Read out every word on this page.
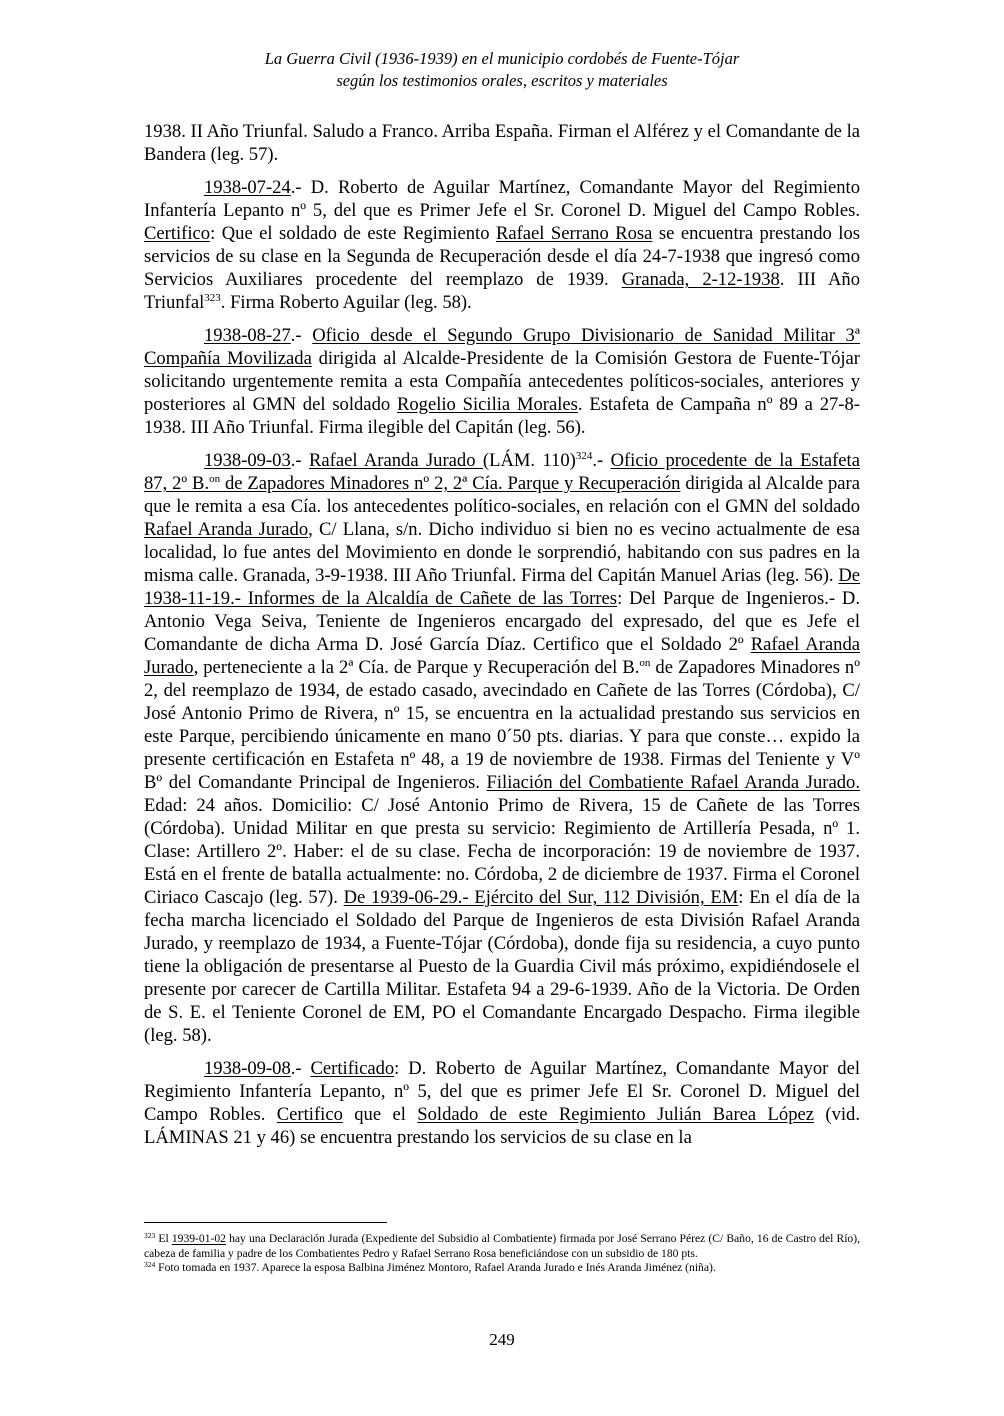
La Guerra Civil (1936-1939) en el municipio cordobés de Fuente-Tójar
según los testimonios orales, escritos y materiales

1938. II Año Triunfal. Saludo a Franco. Arriba España. Firman el Alférez y el Comandante de la Bandera (leg. 57).

1938-07-24.- D. Roberto de Aguilar Martínez, Comandante Mayor del Regimiento Infantería Lepanto nº 5, del que es Primer Jefe el Sr. Coronel D. Miguel del Campo Robles. Certifico: Que el soldado de este Regimiento Rafael Serrano Rosa se encuentra prestando los servicios de su clase en la Segunda de Recuperación desde el día 24-7-1938 que ingresó como Servicios Auxiliares procedente del reemplazo de 1939. Granada, 2-12-1938. III Año Triunfal$^{323}$. Firma Roberto Aguilar (leg. 58).

1938-08-27.- Oficio desde el Segundo Grupo Divisionario de Sanidad Militar 3ª Compañía Movilizada dirigida al Alcalde-Presidente de la Comisión Gestora de Fuente-Tójar solicitando urgentemente remita a esta Compañía antecedentes políticos-sociales, anteriores y posteriores al GMN del soldado Rogelio Sicilia Morales. Estafeta de Campaña nº 89 a 27-8-1938. III Año Triunfal. Firma ilegible del Capitán (leg. 56).

1938-09-03.- Rafael Aranda Jurado (LÁM. 110)$^{324}$.- Oficio procedente de la Estafeta 87, 2º B.$^{on}$ de Zapadores Minadores nº 2, 2ª Cía. Parque y Recuperación dirigida al Alcalde para que le remita a esa Cía. los antecedentes político-sociales, en relación con el GMN del soldado Rafael Aranda Jurado, C/ Llana, s/n. Dicho individuo si bien no es vecino actualmente de esa localidad, lo fue antes del Movimiento en donde le sorprendió, habitando con sus padres en la misma calle. Granada, 3-9-1938. III Año Triunfal. Firma del Capitán Manuel Arias (leg. 56). De 1938-11-19.- Informes de la Alcaldía de Cañete de las Torres: Del Parque de Ingenieros.- D. Antonio Vega Seiva, Teniente de Ingenieros encargado del expresado, del que es Jefe el Comandante de dicha Arma D. José García Díaz. Certifico que el Soldado 2º Rafael Aranda Jurado, perteneciente a la 2ª Cía. de Parque y Recuperación del B.$^{on}$ de Zapadores Minadores nº 2, del reemplazo de 1934, de estado casado, avecindado en Cañete de las Torres (Córdoba), C/ José Antonio Primo de Rivera, nº 15, se encuentra en la actualidad prestando sus servicios en este Parque, percibiendo únicamente en mano 0´50 pts. diarias. Y para que conste… expido la presente certificación en Estafeta nº 48, a 19 de noviembre de 1938. Firmas del Teniente y Vº Bº del Comandante Principal de Ingenieros. Filiación del Combatiente Rafael Aranda Jurado. Edad: 24 años. Domicilio: C/ José Antonio Primo de Rivera, 15 de Cañete de las Torres (Córdoba). Unidad Militar en que presta su servicio: Regimiento de Artillería Pesada, nº 1. Clase: Artillero 2º. Haber: el de su clase. Fecha de incorporación: 19 de noviembre de 1937. Está en el frente de batalla actualmente: no. Córdoba, 2 de diciembre de 1937. Firma el Coronel Ciriaco Cascajo (leg. 57). De 1939-06-29.- Ejército del Sur, 112 División, EM: En el día de la fecha marcha licenciado el Soldado del Parque de Ingenieros de esta División Rafael Aranda Jurado, y reemplazo de 1934, a Fuente-Tójar (Córdoba), donde fija su residencia, a cuyo punto tiene la obligación de presentarse al Puesto de la Guardia Civil más próximo, expidiéndosele el presente por carecer de Cartilla Militar. Estafeta 94 a 29-6-1939. Año de la Victoria. De Orden de S. E. el Teniente Coronel de EM, PO el Comandante Encargado Despacho. Firma ilegible (leg. 58).

1938-09-08.- Certificado: D. Roberto de Aguilar Martínez, Comandante Mayor del Regimiento Infantería Lepanto, nº 5, del que es primer Jefe El Sr. Coronel D. Miguel del Campo Robles. Certifico que el Soldado de este Regimiento Julián Barea López (vid. LÁMINAS 21 y 46) se encuentra prestando los servicios de su clase en la

$^{323}$ El 1939-01-02 hay una Declaración Jurada (Expediente del Subsidio al Combatiente) firmada por José Serrano Pérez (C/ Baño, 16 de Castro del Río), cabeza de familia y padre de los Combatientes Pedro y Rafael Serrano Rosa beneficiándose con un subsidio de 180 pts.

$^{324}$ Foto tomada en 1937. Aparece la esposa Balbina Jiménez Montoro, Rafael Aranda Jurado e Inés Aranda Jiménez (niña).

249
